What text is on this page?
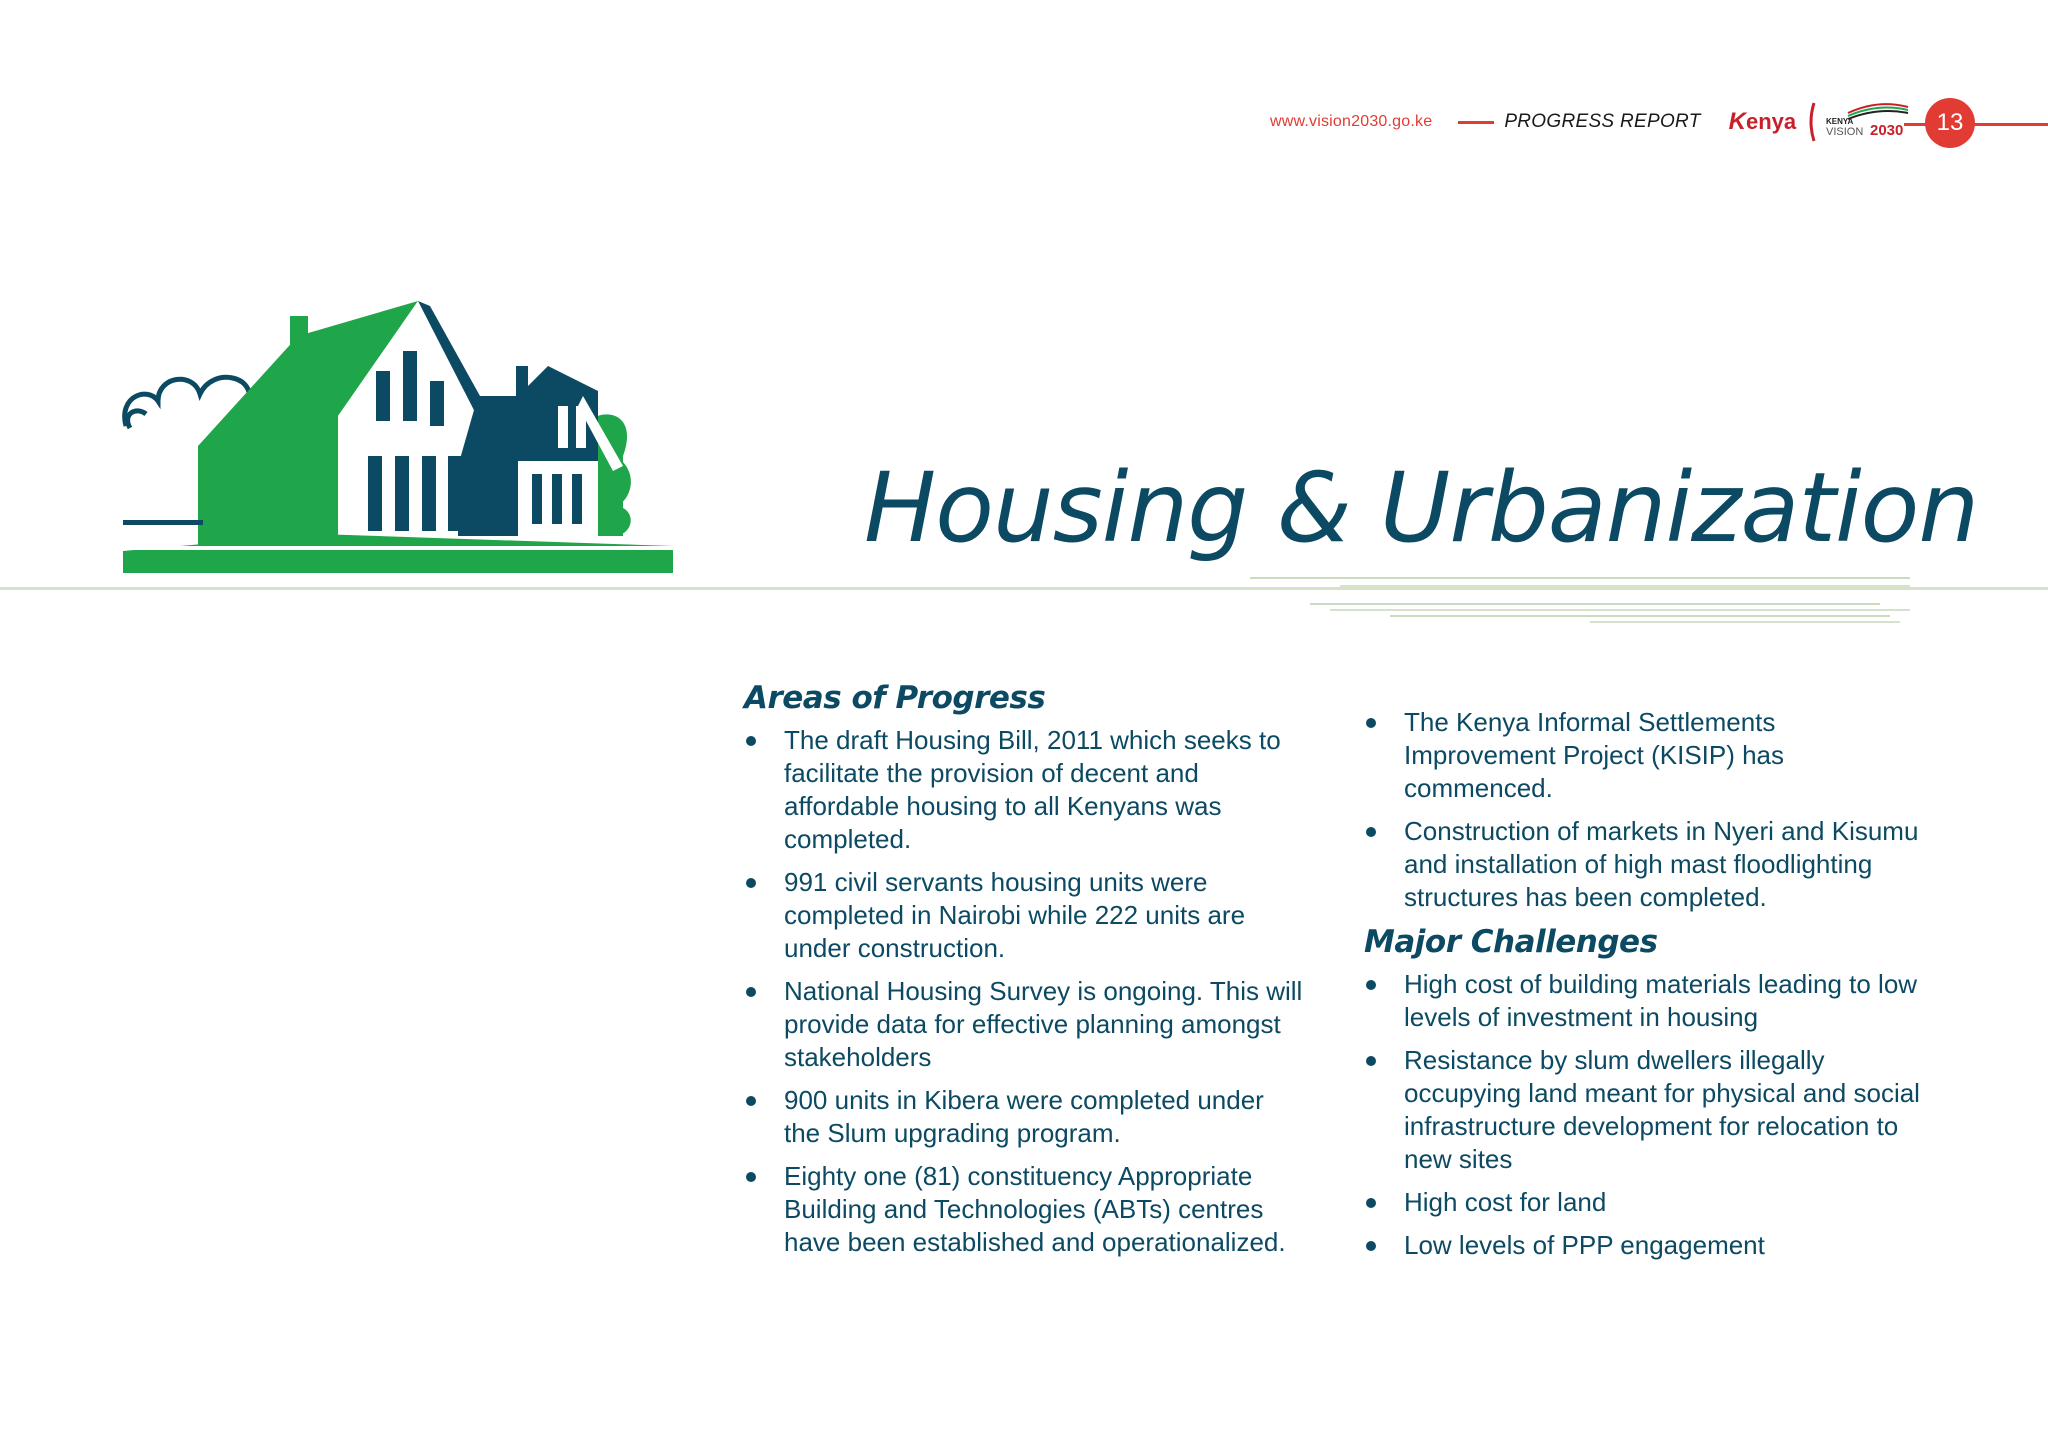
www.vision2030.go.ke	PROGRESS REPORT K enya	KENYA
VISION 2030	13
Housing & Urbanization
Areas of Progress
The draft Housing Bill, 2011 which seeks to facilitate the provision of decent and affordable housing to all Kenyans was completed.
991 civil servants housing units were completed in Nairobi while 222 units are under construction.
National Housing Survey is ongoing. This will provide data for effective planning amongst stakeholders
900 units in Kibera were completed under the Slum upgrading program.
Eighty one (81) constituency Appropriate Building and Technologies (ABTs) centres have been established and operationalized.
The Kenya Informal Settlements Improvement Project (KISIP) has commenced.
Construction of markets in Nyeri and Kisumu and installation of high mast floodlighting structures has been completed.
Major Challenges
High cost of building materials leading to low levels of investment in housing
Resistance by slum dwellers illegally occupying land meant for physical and social infrastructure development for relocation to new sites
High cost for land
Low levels of PPP engagement
